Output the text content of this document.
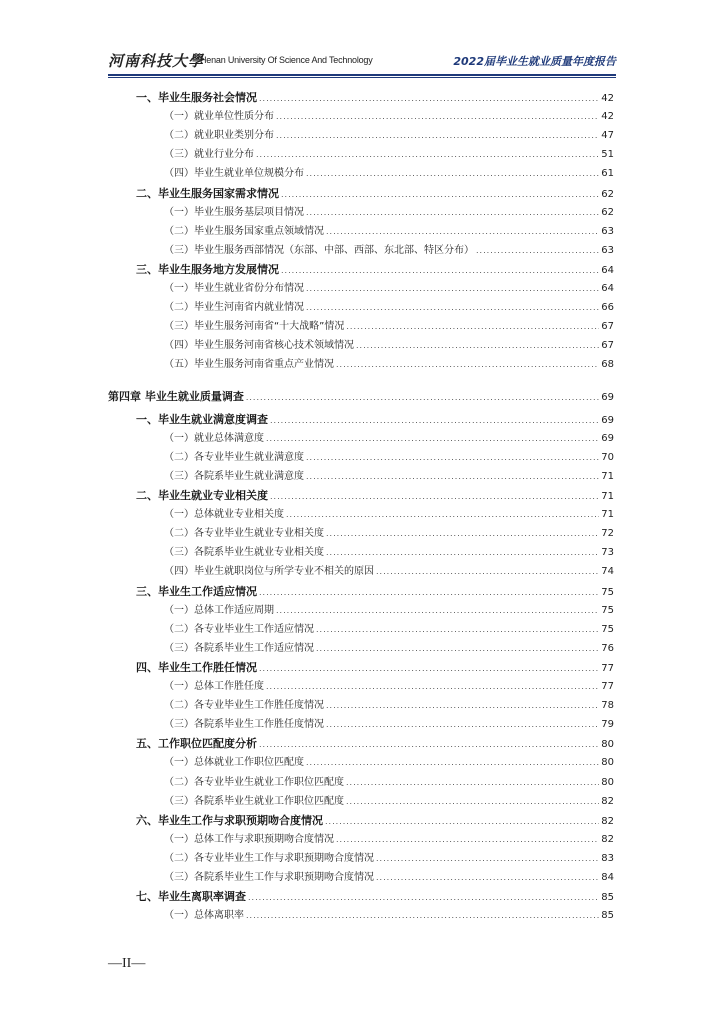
河南科技大學
Henan University Of Science And Technology	2022届毕业生就业质量年度报告
一、毕业生服务社会情况 .....	42
（一）就业单位性质分布 .....	42
（二）就业职业类别分布 .....	47
（三）就业行业分布 .....	51
（四）毕业生就业单位规模分布 .....	61
二、毕业生服务国家需求情况 .....	62
（一）毕业生服务基层项目情况 .....	62
（二）毕业生服务国家重点领域情况 .....	63
（三）毕业生服务西部情况（东部、中部、西部、东北部、特区分布） .....	63
三、毕业生服务地方发展情况 .....	64
（一）毕业生就业省份分布情况 .....	64
（二）毕业生河南省内就业情况 .....	66
（三）毕业生服务河南省“十大战略”情况 .....	67
（四）毕业生服务河南省核心技术领域情况 .....	67
（五）毕业生服务河南省重点产业情况 .....	68
第四章 毕业生就业质量调查 .....	69
一、毕业生就业满意度调查 .....	69
（一）就业总体满意度 .....	69
（二）各专业毕业生就业满意度 .....	70
（三）各院系毕业生就业满意度 .....	71
二、毕业生就业专业相关度 .....	71
（一）总体就业专业相关度 .....	71
（二）各专业毕业生就业专业相关度 .....	72
（三）各院系毕业生就业专业相关度 .....	73
（四）毕业生就职岗位与所学专业不相关的原因 .....	74
三、毕业生工作适应情况 .....	75
（一）总体工作适应周期 .....	75
（二）各专业毕业生工作适应情况 .....	75
（三）各院系毕业生工作适应情况 .....	76
四、毕业生工作胜任情况 .....	77
（一）总体工作胜任度 .....	77
（二）各专业毕业生工作胜任度情况 .....	78
（三）各院系毕业生工作胜任度情况 .....	79
五、工作职位匹配度分析 .....	80
（一）总体就业工作职位匹配度 .....	80
（二）各专业毕业生就业工作职位匹配度 .....	80
（三）各院系毕业生就业工作职位匹配度 .....	82
六、毕业生工作与求职预期吻合度情况 .....	82
（一）总体工作与求职预期吻合度情况 .....	82
（二）各专业毕业生工作与求职预期吻合度情况 .....	83
（三）各院系毕业生工作与求职预期吻合度情况 .....	84
七、毕业生离职率调查 .....	85
（一）总体离职率 .....	85
—II—
